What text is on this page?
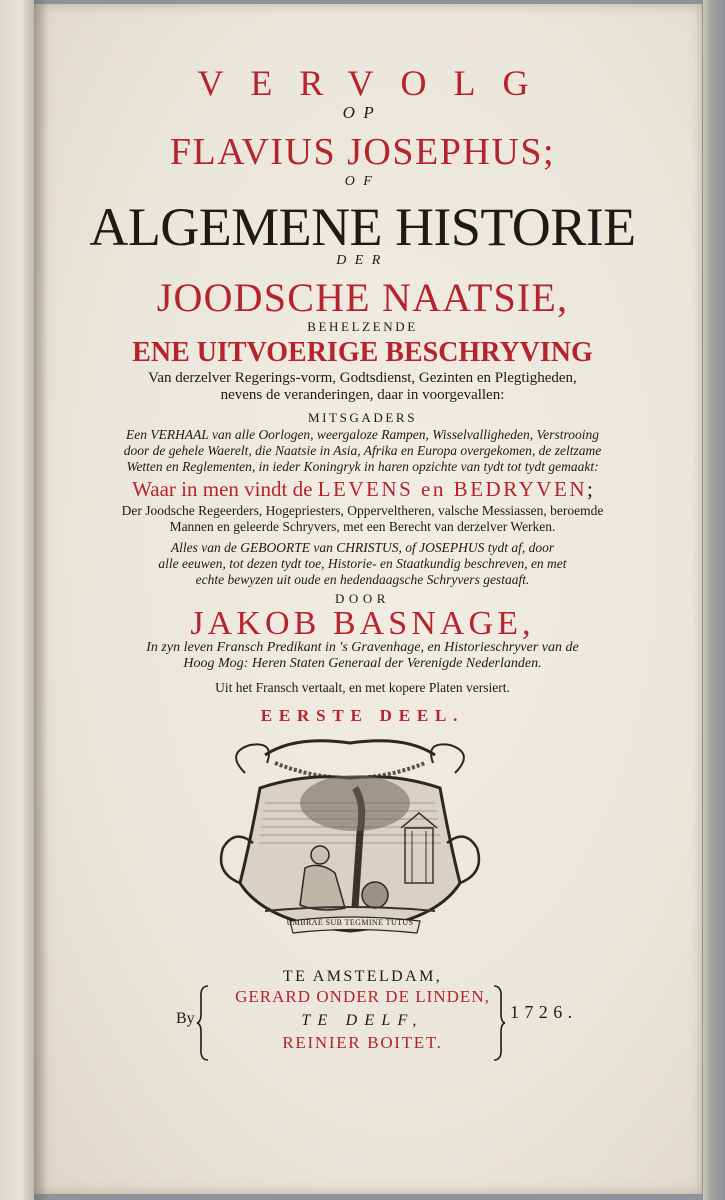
VERVOLG
OP
FLAVIUS JOSEPHUS;
OF
ALGEMENE HISTORIE
DER
JOODSCHE NAATSIE,
BEHELZENDE
ENE UITVOERIGE BESCHRYVING
Van derzelver Regerings-vorm, Godtsdienst, Gezinten en Plegtigheden,
nevens de veranderingen, daar in voorgevallen:
MITSGADERS
Een VERHAAL van alle Oorlogen, weergaloze Rampen, Wisselvalligheden, Verstrooing
door de gehele Waerelt, die Naatsie in Asia, Afrika en Europa overgekomen, de zeltzame
Wetten en Reglementen, in ieder Koningryk in haren opzichte van tydt tot tydt gemaakt:
Waar in men vindt de LEVENS en BEDRYVEN;
Der Joodsche Regeerders, Hogepriesters, Opperveltheren, valsche Messiassen, beroemde
Mannen en geleerde Schryvers, met een Berecht van derzelver Werken.
Alles van de GEBOORTE van CHRISTUS, of JOSEPHUS tydt af, door
alle eeuwen, tot dezen tydt toe, Historie- en Staatkundig beschreven, en met
echte bewyzen uit oude en hedendaagsche Schryvers gestaaft.
DOOR
JAKOB BASNAGE,
In zyn leven Fransch Predikant in 's Gravenhage, en Historieschryver van de
Hoog Mog: Heren Staten Generaal der Verenigde Nederlanden.
Uit het Fransch vertaalt, en met kopere Platen versiert.
EERSTE DEEL.
UMBRAE SUB TEGMINE TUTUS
TE AMSTELDAM,
GERARD ONDER DE LINDEN,
TE DELF,
REINIER BOITET.
By	1726.
